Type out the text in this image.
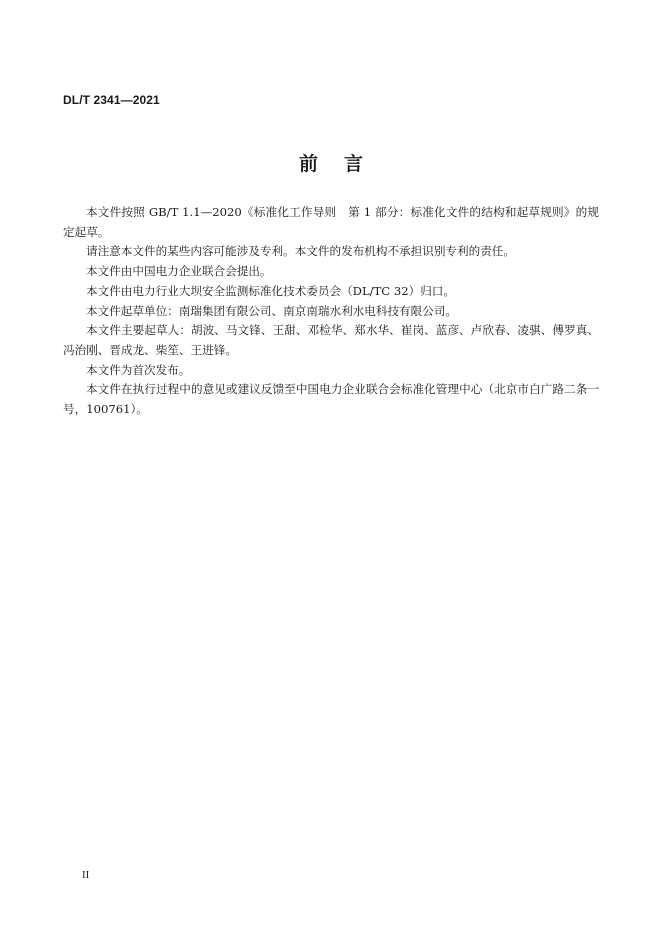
DL/T 2341—2021
前言

本文件按照 GB/T 1.1—2020《标准化工作导则　第 1 部分：标准化文件的结构和起草规则》的规定起草。

请注意本文件的某些内容可能涉及专利。本文件的发布机构不承担识别专利的责任。

本文件由中国电力企业联合会提出。

本文件由电力行业大坝安全监测标准化技术委员会（DL/TC 32）归口。

本文件起草单位：南瑞集团有限公司、南京南瑞水利水电科技有限公司。

本文件主要起草人：胡波、马文锋、王甜、邓检华、郑水华、崔岗、蓝彦、卢欣春、凌骐、傅罗真、冯治刚、晋成龙、柴笙、王进锋。

本文件为首次发布。

本文件在执行过程中的意见或建议反馈至中国电力企业联合会标准化管理中心（北京市白广路二条一号，100761）。

II
